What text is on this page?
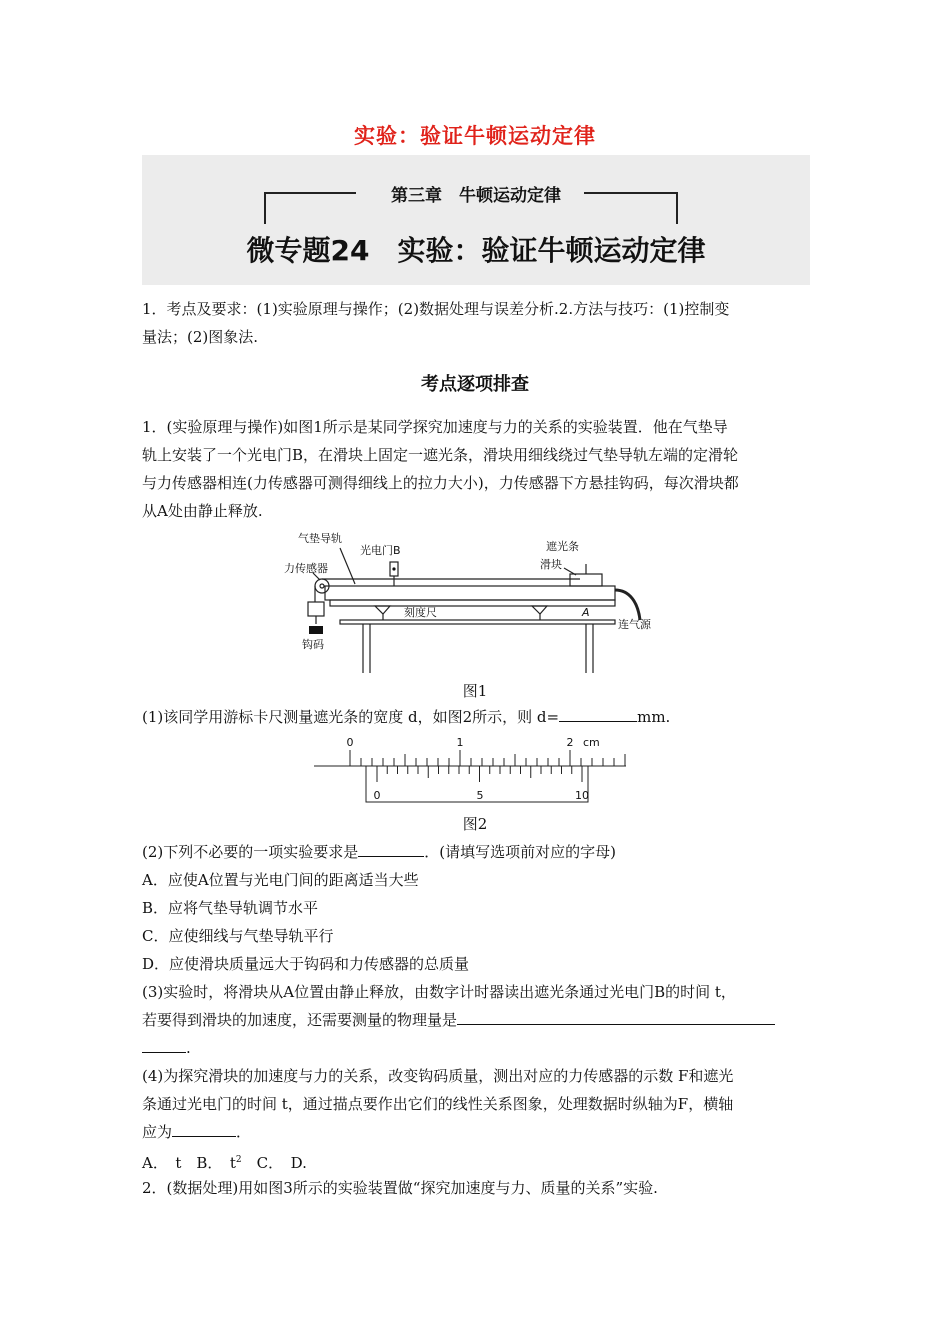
实验：验证牛顿运动定律
第三章　牛顿运动定律
微专题24　实验：验证牛顿运动定律
1．考点及要求：(1)实验原理与操作；(2)数据处理与误差分析.2.方法与技巧：(1)控制变
量法；(2)图象法.
考点逐项排查
1．(实验原理与操作)如图1所示是某同学探究加速度与力的关系的实验装置．他在气垫导
轨上安装了一个光电门B，在滑块上固定一遮光条，滑块用细线绕过气垫导轨左端的定滑轮
与力传感器相连(力传感器可测得细线上的拉力大小)，力传感器下方悬挂钩码，每次滑块都
从A处由静止释放.
气垫导轨
光电门B
力传感器
遮光条
滑块
刻度尺	A
连气源
钩码
图1
(1)该同学用游标卡尺测量遮光条的宽度 d，如图2所示，则 d=	mm.
0	1	2 cm
0	5	10
图2
(2)下列不必要的一项实验要求是	．(请填写选项前对应的字母)
A．应使A位置与光电门间的距离适当大些
B．应将气垫导轨调节水平
C．应使细线与气垫导轨平行
D．应使滑块质量远大于钩码和力传感器的总质量
(3)实验时，将滑块从A位置由静止释放，由数字计时器读出遮光条通过光电门B的时间 t，
若要得到滑块的加速度，还需要测量的物理量是
.
(4)为探究滑块的加速度与力的关系，改变钩码质量，测出对应的力传感器的示数 F和遮光
条通过光电门的时间 t，通过描点要作出它们的线性关系图象，处理数据时纵轴为F，横轴
应为	．
A．　t　B．　$t^2$　C．　D.
2．(数据处理)用如图3所示的实验装置做“探究加速度与力、质量的关系”实验.
